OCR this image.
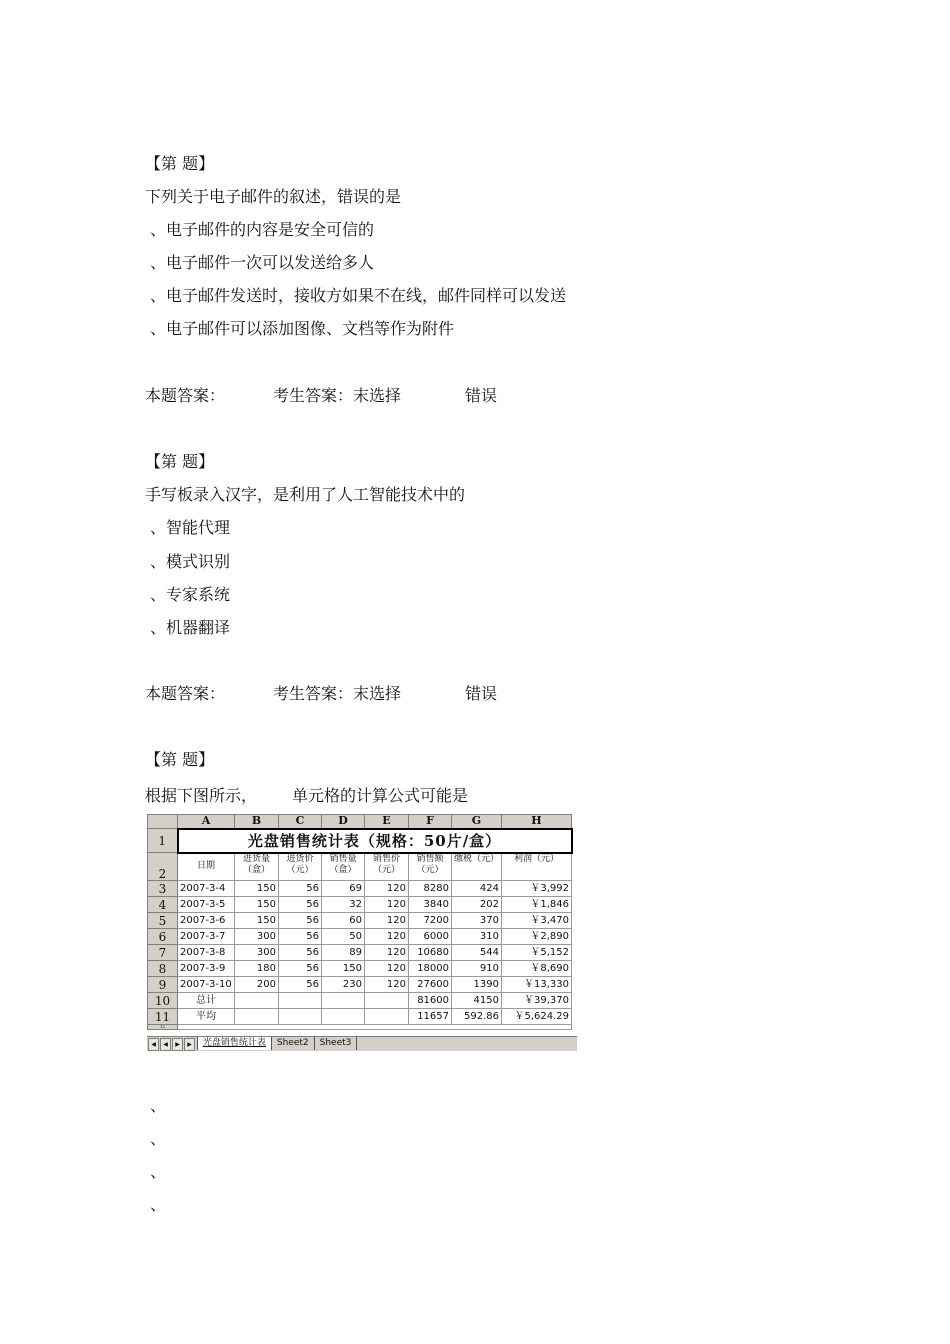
【第 题】
下列关于电子邮件的叙述，错误的是
、电子邮件的内容是安全可信的
、电子邮件一次可以发送给多人
、电子邮件发送时，接收方如果不在线，邮件同样可以发送
、电子邮件可以添加图像、文档等作为附件
本题答案：	考生答案：末选择	错误
【第 题】
手写板录入汉字，是利用了人工智能技术中的
、智能代理
、模式识别
、专家系统
、机器翻译
本题答案：	考生答案：末选择	错误
【第 题】
根据下图所示， 单元格的计算公式可能是
	A	B	C	D	E	F	G	H
1	光盘销售统计表（规格：50片/盒）							
2	日期	进货量（盒）	进货价（元）	销售量（盒）	销售价（元）	销售额（元）	缴税（元）	利润（元）
3	2007-3-4	150	56	69	120	8280	424	￥3,992
4	2007-3-5	150	56	32	120	3840	202	￥1,846
5	2007-3-6	150	56	60	120	7200	370	￥3,470
6	2007-3-7	300	56	50	120	6000	310	￥2,890
7	2007-3-8	300	56	89	120	10680	544	￥5,152
8	2007-3-9	180	56	150	120	18000	910	￥8,690
9	2007-3-10	200	56	230	120	27600	1390	￥13,330
10	总计					81600	4150	￥39,370
11	平均					11657	592.86	￥5,624.29
12								
◀ ◀ ▶ ▶ 光盘销售统计表 Sheet2 Sheet3
、
、
、
、
